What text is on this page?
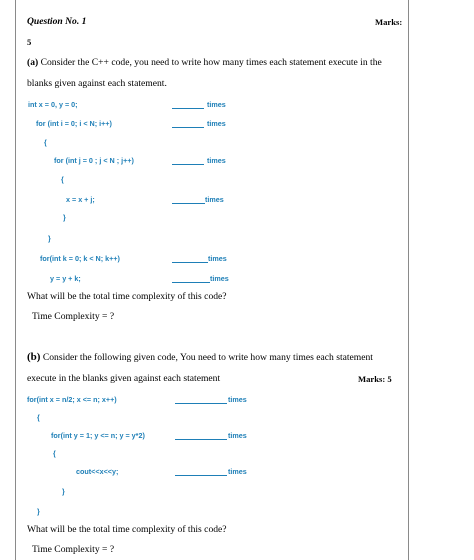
Question No. 1	Marks:
5
(a) Consider the C++ code, you need to write how many times each statement execute in the
blanks given against each statement.
int x = 0, y = 0;
for (int i = 0; i < N; i++)
{
for (int j = 0 ; j < N ; j++)
{
x = x + j;
}
}
for(int k = 0; k < N; k++)
y = y + k;
times
times
times
times
times
times
What will be the total time complexity of this code?
Time Complexity = ?
(b) Consider the following given code, You need to write how many times each statement
execute in the blanks given against each statement	Marks: 5
for(int x = n/2; x <= n; x++)
{
for(int y = 1; y <= n; y = y*2)
{
cout<<x<<y;
}
}
times
times
times
What will be the total time complexity of this code?
Time Complexity = ?
